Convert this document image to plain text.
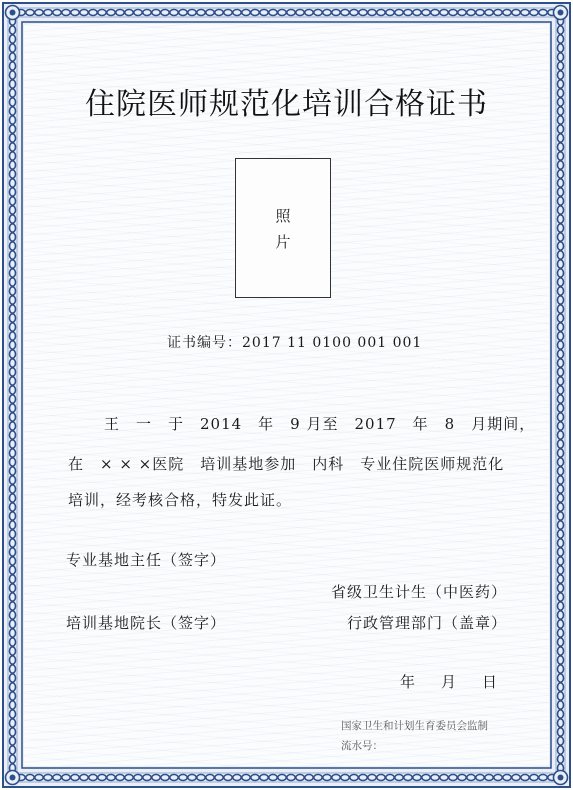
住院医师规范化培训合格证书
照
片
证书编号：2017 11 0100 001 001
王　一　于　2014　年　9 月至　2017　年　8　月期间，
在　× × ×医院　培训基地参加　内科　专业住院医师规范化
培训，经考核合格，特发此证。
专业基地主任（签字）
省级卫生计生（中医药）
培训基地院长（签字）	行政管理部门（盖章）
年 月 日
国家卫生和计划生育委员会监制
流水号：
